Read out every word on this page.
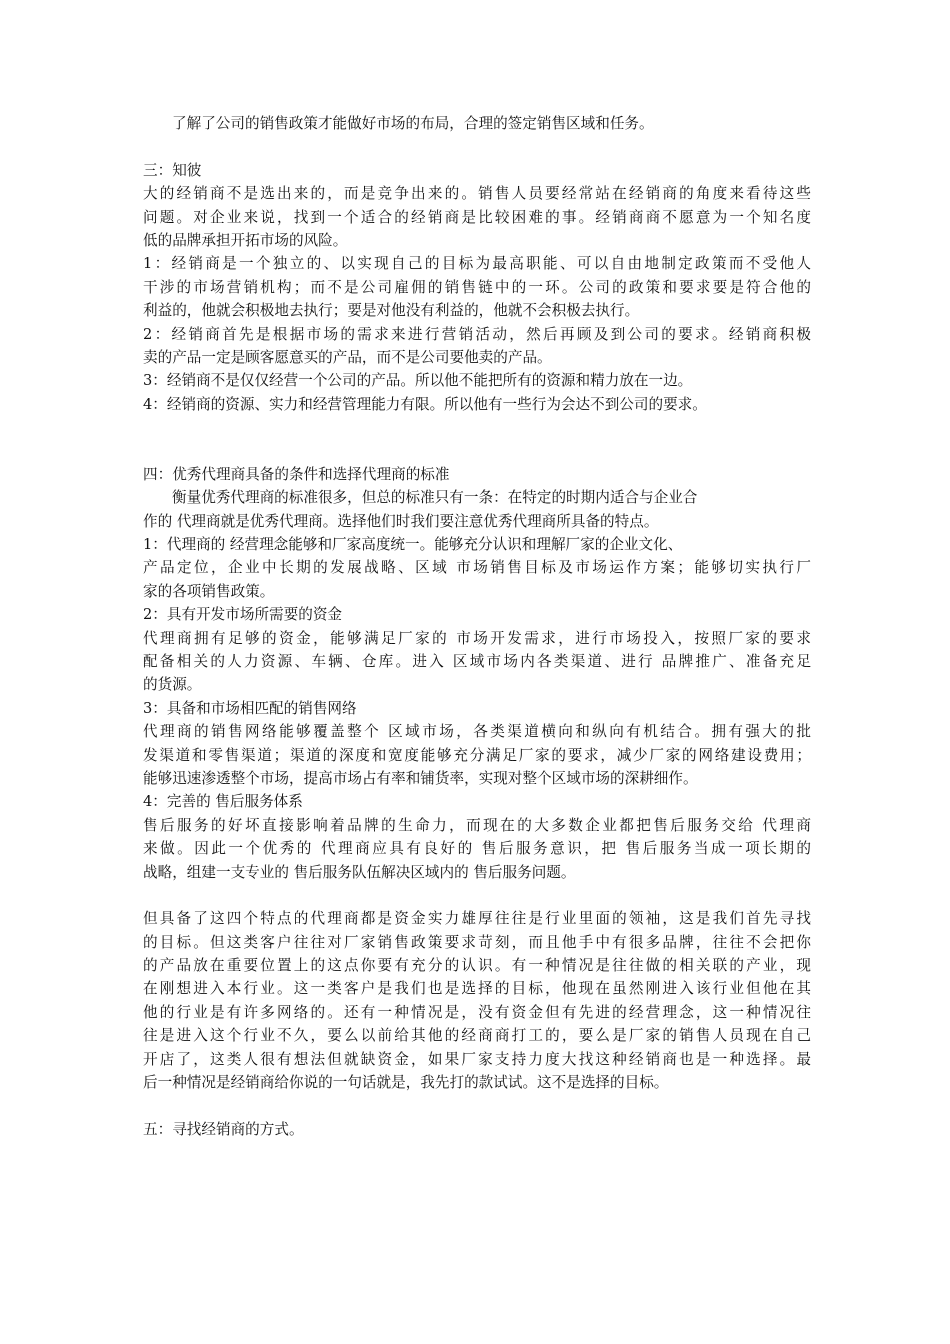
了解了公司的销售政策才能做好市场的布局，合理的签定销售区域和任务。
三：知彼
大的经销商不是选出来的，而是竞争出来的。销售人员要经常站在经销商的角度来看待这些
问题。对企业来说，找到一个适合的经销商是比较困难的事。经销商商不愿意为一个知名度
低的品牌承担开拓市场的风险。
1：经销商是一个独立的、以实现自己的目标为最高职能、可以自由地制定政策而不受他人
干涉的市场营销机构；而不是公司雇佣的销售链中的一环。公司的政策和要求要是符合他的
利益的，他就会积极地去执行；要是对他没有利益的，他就不会积极去执行。
2：经销商首先是根据市场的需求来进行营销活动，然后再顾及到公司的要求。经销商积极
卖的产品一定是顾客愿意买的产品，而不是公司要他卖的产品。
3：经销商不是仅仅经营一个公司的产品。所以他不能把所有的资源和精力放在一边。
4：经销商的资源、实力和经营管理能力有限。所以他有一些行为会达不到公司的要求。
四：优秀代理商具备的条件和选择代理商的标准
衡量优秀代理商的标准很多，但总的标准只有一条：在特定的时期内适合与企业合
作的 代理商就是优秀代理商。选择他们时我们要注意优秀代理商所具备的特点。
1：代理商的 经营理念能够和厂家高度统一。能够充分认识和理解厂家的企业文化、
产品定位，企业中长期的发展战略、区域 市场销售目标及市场运作方案；能够切实执行厂
家的各项销售政策。
2：具有开发市场所需要的资金
代理商拥有足够的资金，能够满足厂家的 市场开发需求，进行市场投入，按照厂家的要求
配备相关的人力资源、车辆、仓库。进入 区域市场内各类渠道、进行 品牌推广、准备充足
的货源。
3：具备和市场相匹配的销售网络
代理商的销售网络能够覆盖整个 区域市场，各类渠道横向和纵向有机结合。拥有强大的批
发渠道和零售渠道；渠道的深度和宽度能够充分满足厂家的要求，减少厂家的网络建设费用；
能够迅速渗透整个市场，提高市场占有率和铺货率，实现对整个区域市场的深耕细作。
4：完善的 售后服务体系
售后服务的好坏直接影响着品牌的生命力，而现在的大多数企业都把售后服务交给 代理商
来做。因此一个优秀的 代理商应具有良好的 售后服务意识，把 售后服务当成一项长期的
战略，组建一支专业的 售后服务队伍解决区域内的 售后服务问题。
但具备了这四个特点的代理商都是资金实力雄厚往往是行业里面的领袖，这是我们首先寻找
的目标。但这类客户往往对厂家销售政策要求苛刻，而且他手中有很多品牌，往往不会把你
的产品放在重要位置上的这点你要有充分的认识。有一种情况是往往做的相关联的产业，现
在刚想进入本行业。这一类客户是我们也是选择的目标，他现在虽然刚进入该行业但他在其
他的行业是有许多网络的。还有一种情况是，没有资金但有先进的经营理念，这一种情况往
往是进入这个行业不久，要么以前给其他的经商商打工的，要么是厂家的销售人员现在自己
开店了，这类人很有想法但就缺资金，如果厂家支持力度大找这种经销商也是一种选择。最
后一种情况是经销商给你说的一句话就是，我先打的款试试。这不是选择的目标。
五：寻找经销商的方式。
